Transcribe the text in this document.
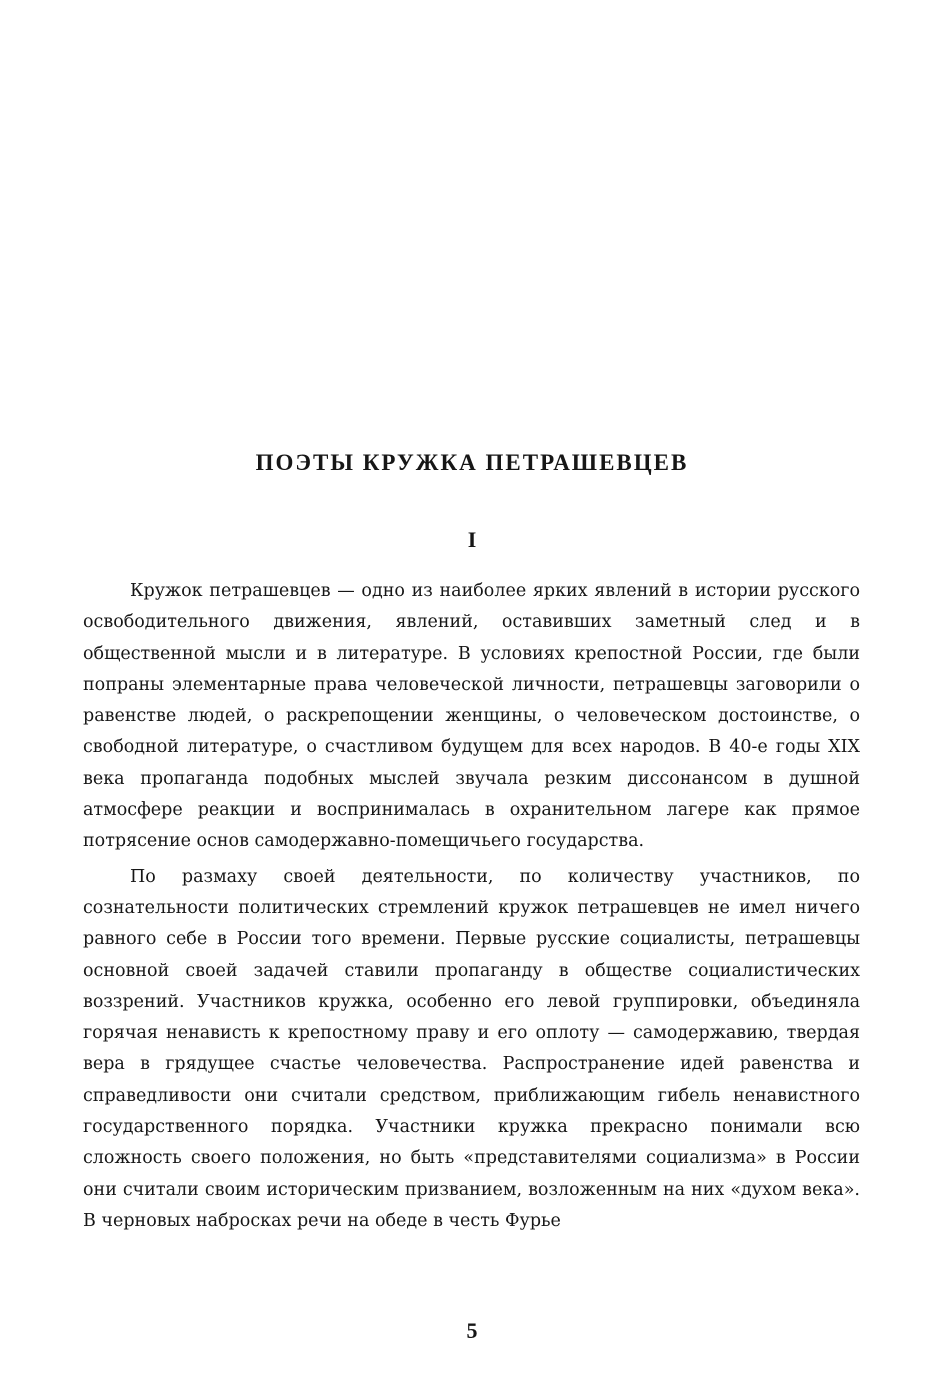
ПОЭТЫ КРУЖКА ПЕТРАШЕВЦЕВ
I

Кружок петрашевцев — одно из наиболее ярких явлений в истории русского освободительного движения, явлений, оставивших заметный след и в общественной мысли и в литературе. В условиях крепостной России, где были попраны элементарные права человеческой личности, петрашевцы заговорили о равенстве людей, о раскрепощении женщины, о человеческом достоинстве, о свободной литературе, о счастливом будущем для всех народов. В 40-е годы XIX века пропаганда подобных мыслей звучала резким диссонансом в душной атмосфере реакции и воспринималась в охранительном лагере как прямое потрясение основ самодержавно-помещичьего государства.

По размаху своей деятельности, по количеству участников, по сознательности политических стремлений кружок петрашевцев не имел ничего равного себе в России того времени. Первые русские социалисты, петрашевцы основной своей задачей ставили пропаганду в обществе социалистических воззрений. Участников кружка, особенно его левой группировки, объединяла горячая ненависть к крепостному праву и его оплоту — самодержавию, твердая вера в грядущее счастье человечества. Распространение идей равенства и справедливости они считали средством, приближающим гибель ненавистного государственного порядка. Участники кружка прекрасно понимали всю сложность своего положения, но быть «представителями социализма» в России они считали своим историческим призванием, возложенным на них «духом века». В черновых набросках речи на обеде в честь Фурье

5
